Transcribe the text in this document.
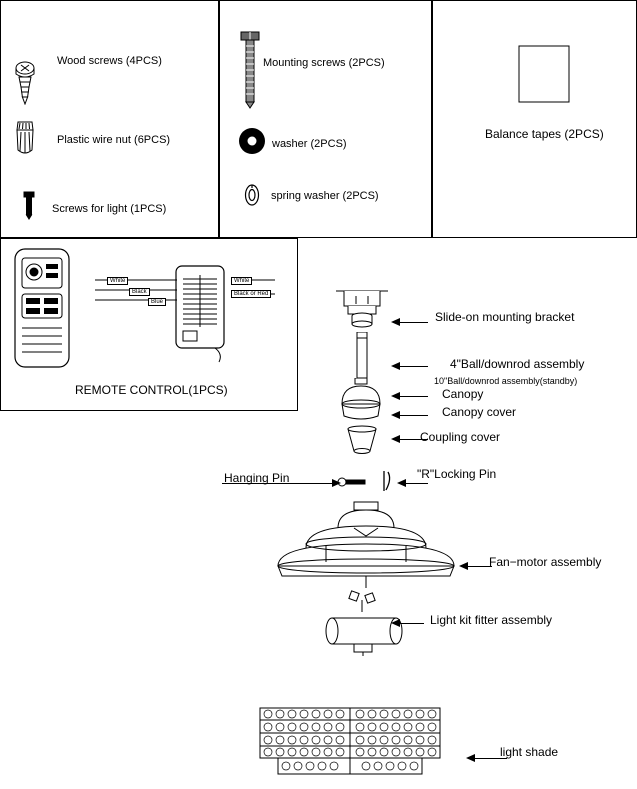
Wood screws (4PCS)
Plastic wire nut (6PCS)
Screws for light (1PCS)
Mounting screws (2PCS)
washer (2PCS)
spring washer (2PCS)
Balance tapes (2PCS)
White
Black
Blue
White
Black or Red
REMOTE CONTROL(1PCS)
Slide-on mounting bracket
4"Ball/downrod assembly
10"Ball/downrod assembly(standby)
Canopy
Canopy cover
Coupling cover
Hanging Pin	"R"Locking Pin
Fan−motor assembly
Light kit fitter assembly
light shade
